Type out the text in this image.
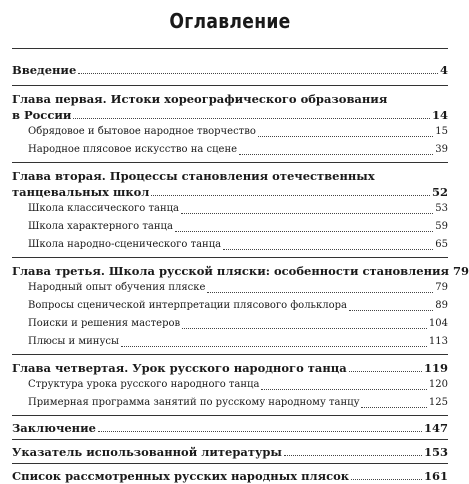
Оглавление
Введение	4
Глава первая. Истоки хореографического образования
в России	14
Обрядовое и бытовое народное творчество	15
Народное плясовое искусство на сцене	39
Глава вторая. Процессы становления отечественных
танцевальных школ	52
Школа классического танца	53
Школа характерного танца	59
Школа народно-сценического танца	65
Глава третья. Школа русской пляски: особенности становления 79
Народный опыт обучения пляске	79
Вопросы сценической интерпретации плясового фольклора	89
Поиски и решения мастеров	104
Плюсы и минусы	113
Глава четвертая. Урок русского народного танца	119
Структура урока русского народного танца	120
Примерная программа занятий по русскому народному танцу	125
Заключение	147
Указатель использованной литературы	153
Список рассмотренных русских народных плясок	161
